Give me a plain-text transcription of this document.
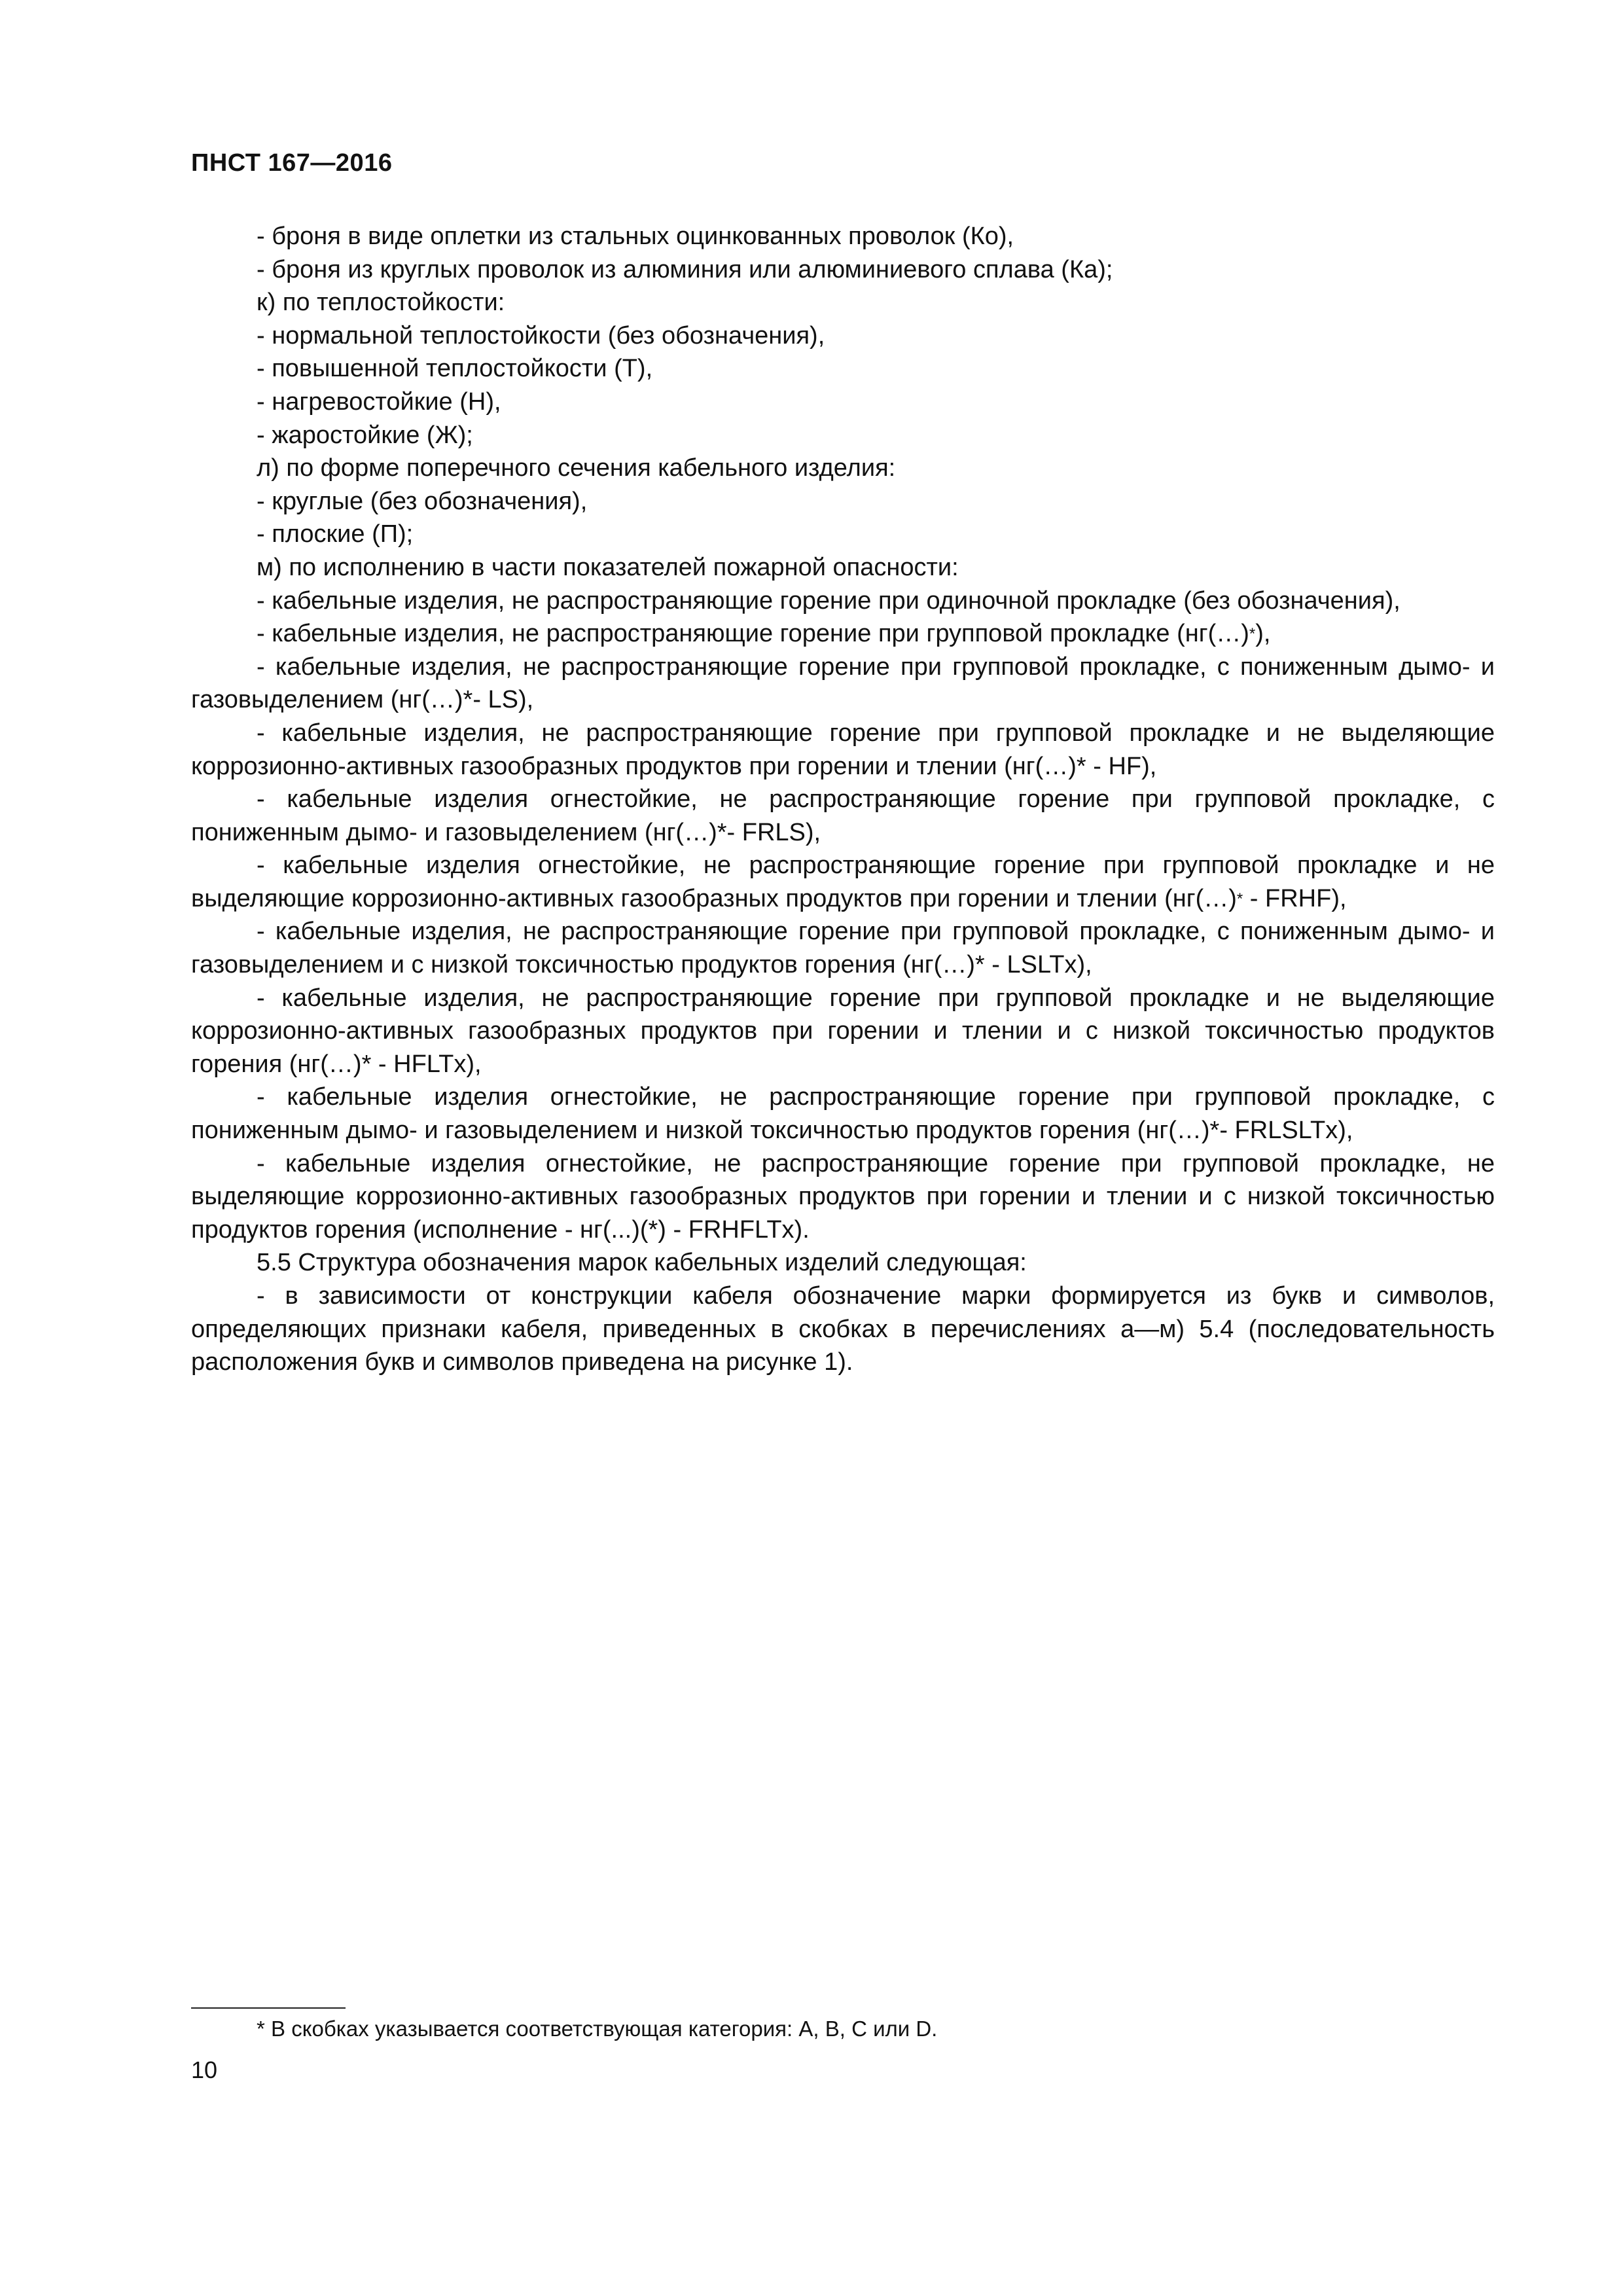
ПНСТ 167—2016

- броня в виде оплетки из стальных оцинкованных проволок (Ко),

- броня из круглых проволок из алюминия или алюминиевого сплава (Ка);

к) по теплостойкости:

- нормальной теплостойкости (без обозначения),

- повышенной теплостойкости (Т),

- нагревостойкие (Н),

- жаростойкие (Ж);

л) по форме поперечного сечения кабельного изделия:

- круглые (без обозначения),

- плоские (П);

м) по исполнению в части показателей пожарной опасности:

- кабельные изделия, не распространяющие горение при одиночной прокладке (без обозначения),

- кабельные изделия, не распространяющие горение при групповой прокладке (нг(…)*),

- кабельные изделия, не распространяющие горение при групповой прокладке, с пониженным дымо- и газовыделением (нг(…)*- LS),

- кабельные изделия, не распространяющие горение при групповой прокладке и не выделяющие коррозионно-активных газообразных продуктов при горении и тлении (нг(…)* - HF),

- кабельные изделия огнестойкие, не распространяющие горение при групповой прокладке, с пониженным дымо- и газовыделением (нг(…)*- FRLS),

- кабельные изделия огнестойкие, не распространяющие горение при групповой прокладке и не выделяющие коррозионно-активных газообразных продуктов при горении и тлении (нг(…)* - FRHF),

- кабельные изделия, не распространяющие горение при групповой прокладке, с пониженным дымо- и газовыделением и с низкой токсичностью продуктов горения (нг(…)* - LSLTx),

- кабельные изделия, не распространяющие горение при групповой прокладке и не выделяющие коррозионно-активных газообразных продуктов при горении и тлении и с низкой токсичностью продуктов горения (нг(…)* - HFLTx),

- кабельные изделия огнестойкие, не распространяющие горение при групповой прокладке, с пониженным дымо- и газовыделением и низкой токсичностью продуктов горения (нг(…)*- FRLSLTx),

- кабельные изделия огнестойкие, не распространяющие горение при групповой прокладке, не выделяющие коррозионно-активных газообразных продуктов при горении и тлении и с низкой токсичностью продуктов горения (исполнение - нг(...)(*) - FRHFLTx).

5.5 Структура обозначения марок кабельных изделий следующая:

- в зависимости от конструкции кабеля обозначение марки формируется из букв и символов, определяющих признаки кабеля, приведенных в скобках в перечислениях а—м) 5.4 (последовательность расположения букв и символов приведена на рисунке 1).

* В скобках указывается соответствующая категория: A, B, C или D.
10
